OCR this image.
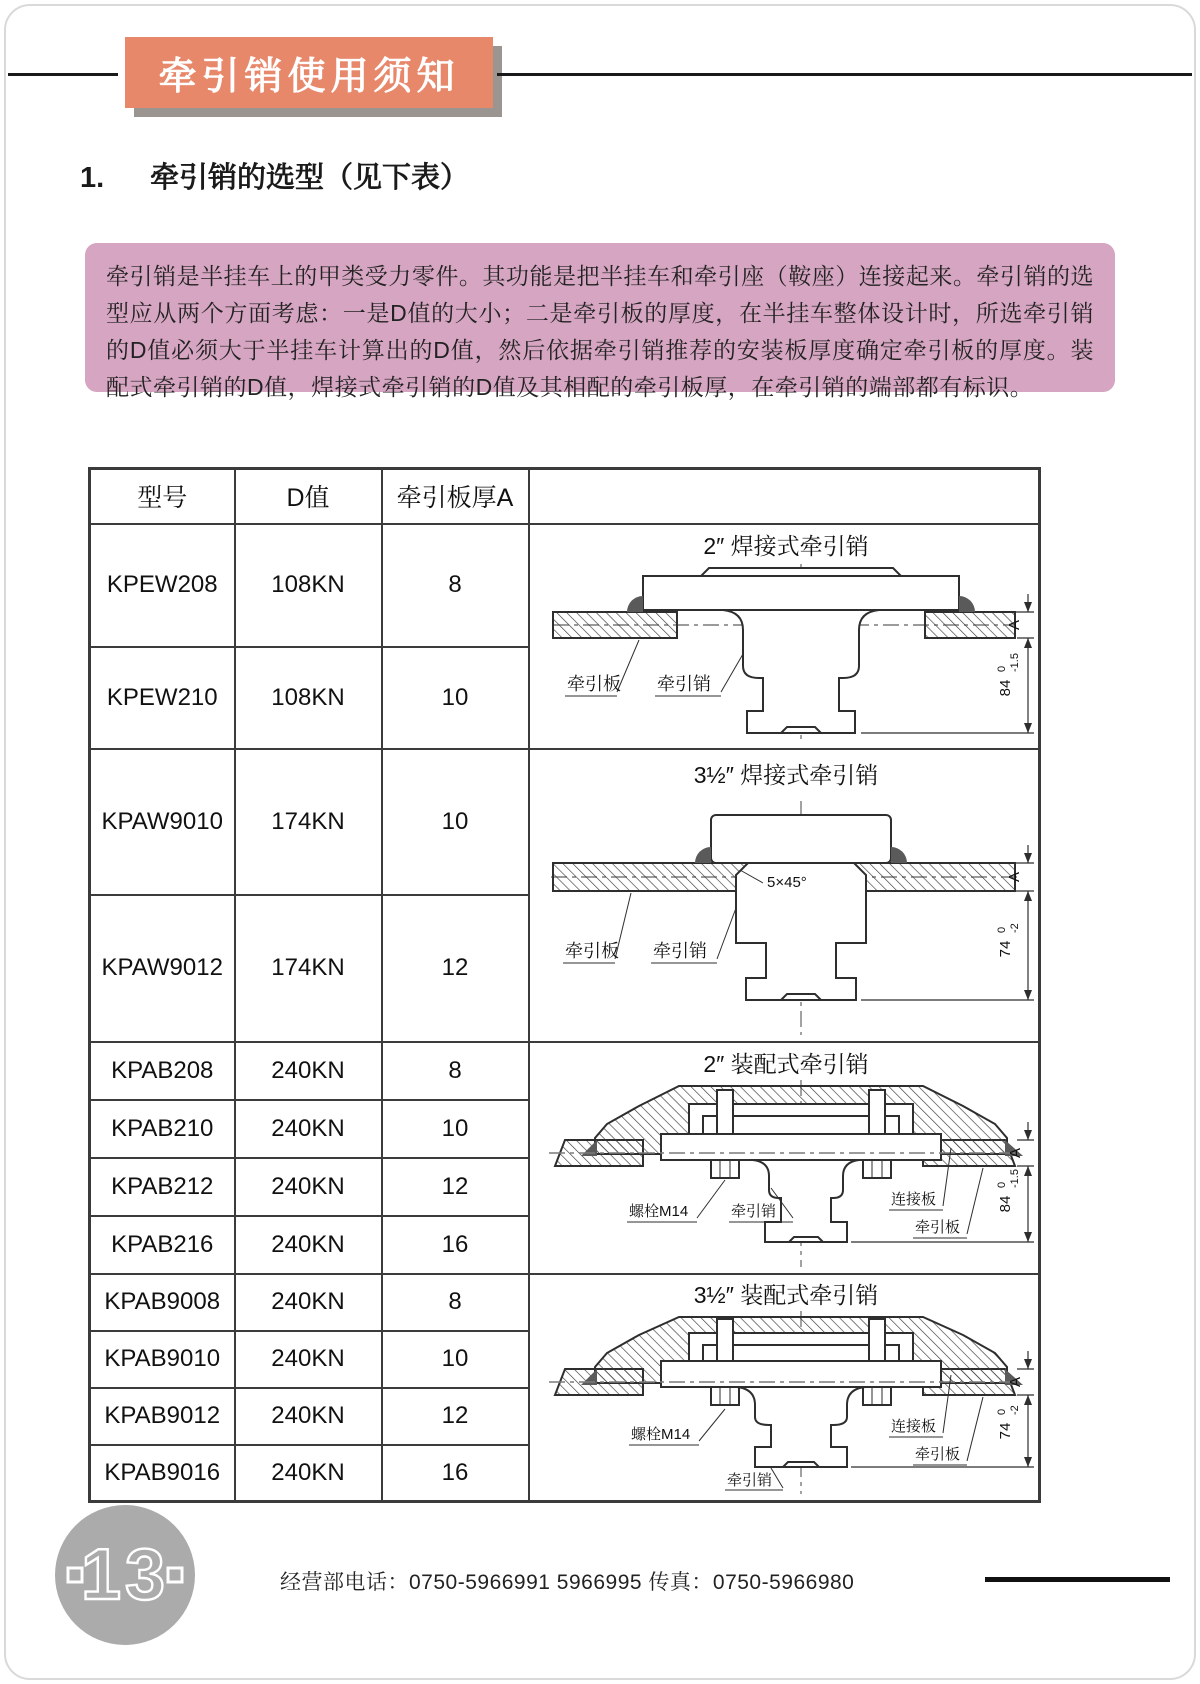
牵引销使用须知
1. 牵引销的选型（见下表）

牵引销是半挂车上的甲类受力零件。其功能是把半挂车和牵引座（鞍座）连接起来。牵引销的选型应从两个方面考虑：一是D值的大小；二是牵引板的厚度，在半挂车整体设计时，所选牵引销的D值必须大于半挂车计算出的D值，然后依据牵引销推荐的安装板厚度确定牵引板的厚度。装配式牵引销的D值，焊接式牵引销的D值及其相配的牵引板厚，在牵引销的端部都有标识。

型号	D值	牵引板厚A	
KPEW208	108KN	8	
2″ 焊接式牵引销
牵引板 牵引销
A
84
0 -1.5

KPEW210	108KN	10	
KPAW9010	174KN	10	
3½″ 焊接式牵引销
5×45°
牵引板 牵引销
A
74
0 -2

KPAW9012	174KN	12	
KPAB208	240KN	8	2″ 装配式牵引销
螺栓M14	牵引销
连接板
牵引板
A
84
0 -1.5

KPAB210	240KN	10	
KPAB212	240KN	12	
KPAB216	240KN	16	
KPAB9008	240KN	8	3½″ 装配式牵引销
螺栓M14	连接板
牵引板
牵引销
A
74
0 -2

KPAB9010	240KN	10	
KPAB9012	240KN	12	
KPAB9016	240KN	16	
13	经营部电话：0750-5966991 5966995 传真：0750-5966980
